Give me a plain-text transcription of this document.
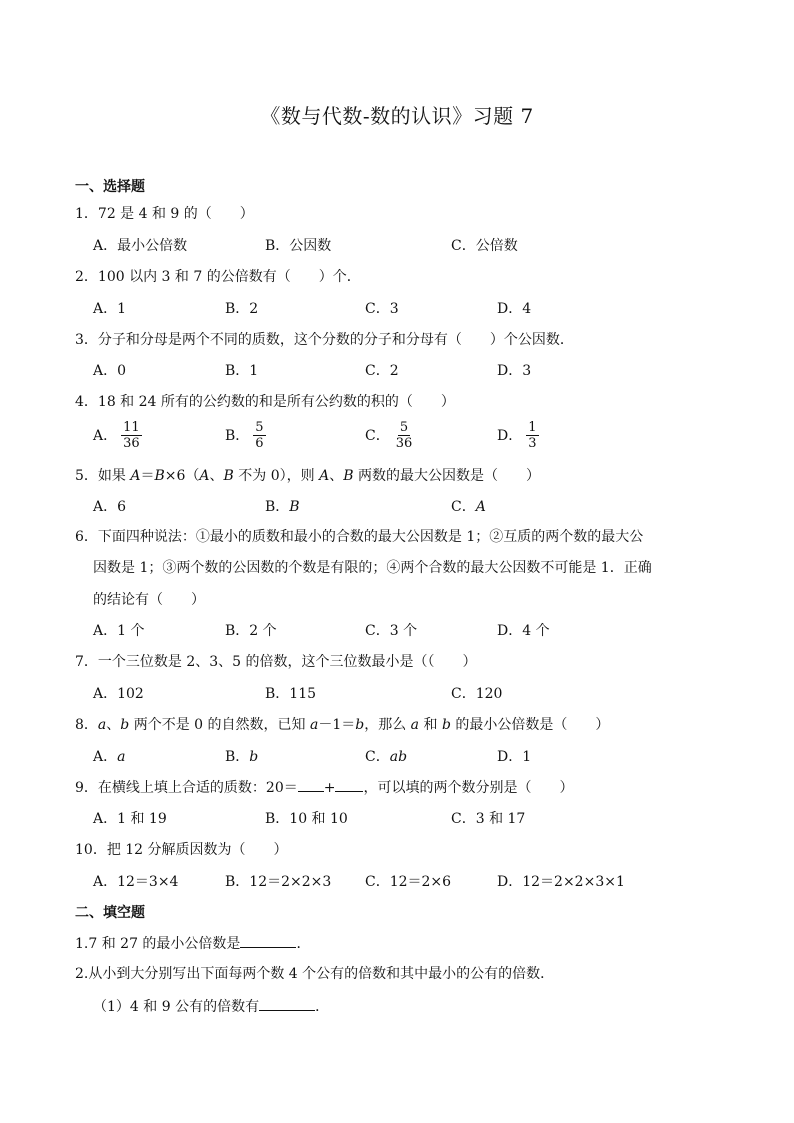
《数与代数-数的认识》习题 7
一、选择题
1．72 是 4 和 9 的（　　）
A．最小公倍数	B．公因数	C．公倍数
2．100 以内 3 和 7 的公倍数有（　　）个．
A．1	B．2	C．3	D．4
3．分子和分母是两个不同的质数，这个分数的分子和分母有（　　）个公因数．
A．0	B．1	C．2	D．3
4．18 和 24 所有的公约数的和是所有公约数的积的（　　）
A． $\frac{11}{36}$	B． $\frac{5}{6}$	C． $\frac{5}{36}$	D． $\frac{1}{3}$
5．如果 A＝B×6（A、B 不为 0），则 A、B 两数的最大公因数是（　　）
A．6	B． B	C． A
6．下面四种说法：①最小的质数和最小的合数的最大公因数是 1；②互质的两个数的最大公
因数是 1；③两个数的公因数的个数是有限的；④两个合数的最大公因数不可能是 1．正确
的结论有（　　）
A．1 个	B．2 个	C．3 个	D．4 个
7．一个三位数是 2、3、5 的倍数，这个三位数最小是（（　　）
A．102	B．115	C．120
8．a、b 两个不是 0 的自然数，已知 a－1＝b，那么 a 和 b 的最小公倍数是（　　）
A． a	B． b	C． ab	D．1
9．在横线上填上合适的质数：20＝ + ，可以填的两个数分别是（　　）
A．1 和 19	B．10 和 10	C．3 和 17
10．把 12 分解质因数为（　　）
A．12＝3×4	B．12＝2×2×3 C．12＝2×6	D．12＝2×2×3×1
二、填空题
1.7 和 27 的最小公倍数是	．
2.从小到大分别写出下面每两个数 4 个公有的倍数和其中最小的公有的倍数．
（1）4 和 9 公有的倍数有	．
